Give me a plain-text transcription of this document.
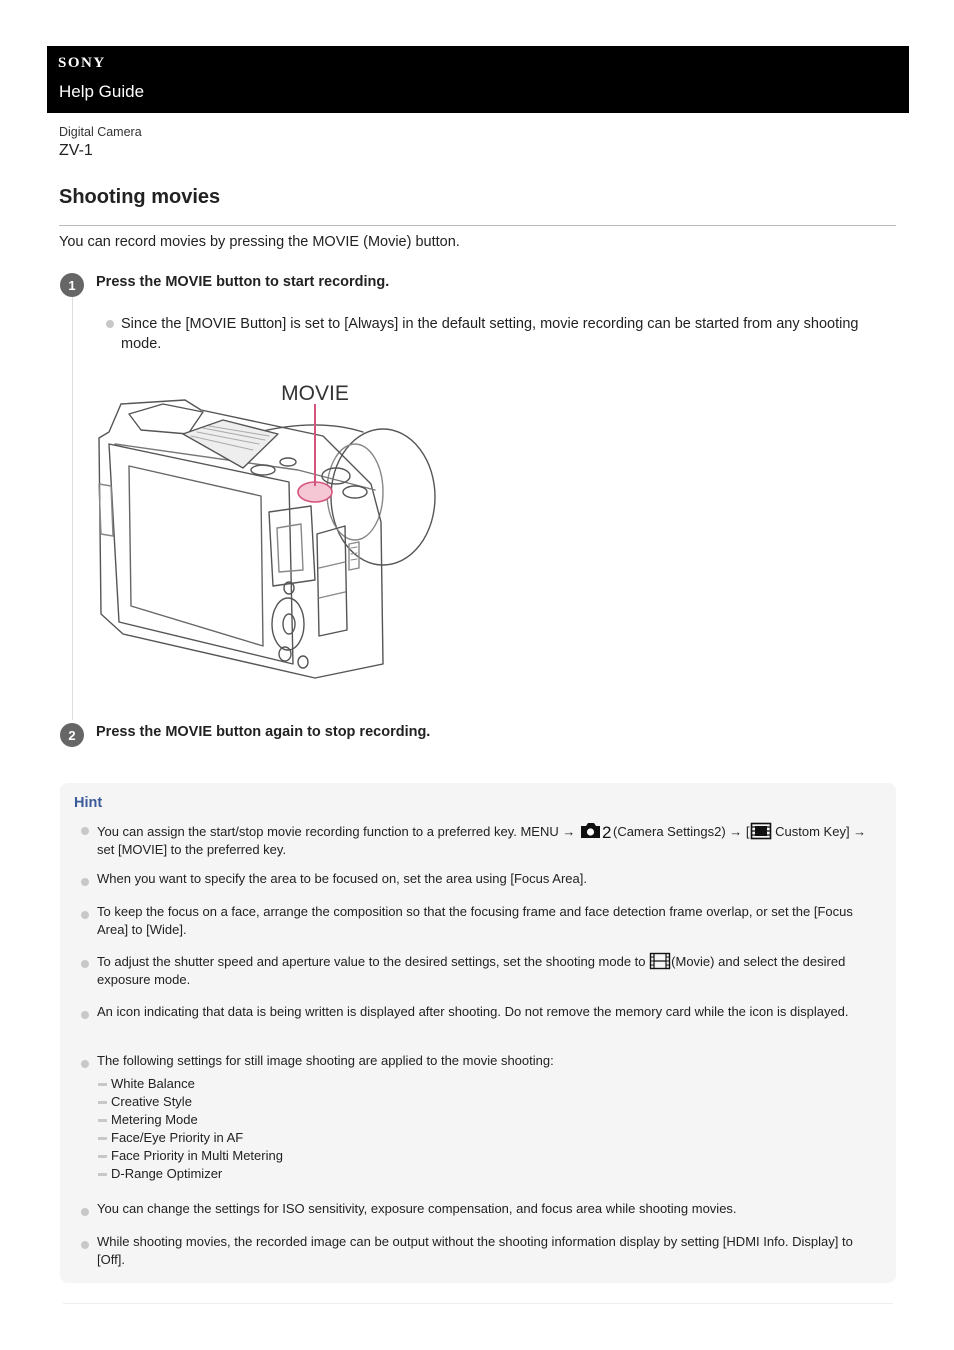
SONY
Help Guide
Digital Camera
ZV-1
Shooting movies
You can record movies by pressing the MOVIE (Movie) button.
1	Press the MOVIE button to start recording.
Since the [MOVIE Button] is set to [Always] in the default setting, movie recording can be started from any shooting mode.
MOVIE
2	Press the MOVIE button again to stop recording.
Hint
You can assign the start/stop movie recording function to a preferred key. MENU → 2 (Camera Settings2) → [ Custom Key] → set [MOVIE] to the preferred key.
When you want to specify the area to be focused on, set the area using [Focus Area].
To keep the focus on a face, arrange the composition so that the focusing frame and face detection frame overlap, or set the [Focus Area] to [Wide].
To adjust the shutter speed and aperture value to the desired settings, set the shooting mode to (Movie) and select the desired exposure mode.
An icon indicating that data is being written is displayed after shooting. Do not remove the memory card while the icon is displayed.
The following settings for still image shooting are applied to the movie shooting:
White Balance
Creative Style
Metering Mode
Face/Eye Priority in AF
Face Priority in Multi Metering
D-Range Optimizer
You can change the settings for ISO sensitivity, exposure compensation, and focus area while shooting movies.
While shooting movies, the recorded image can be output without the shooting information display by setting [HDMI Info. Display] to [Off].
